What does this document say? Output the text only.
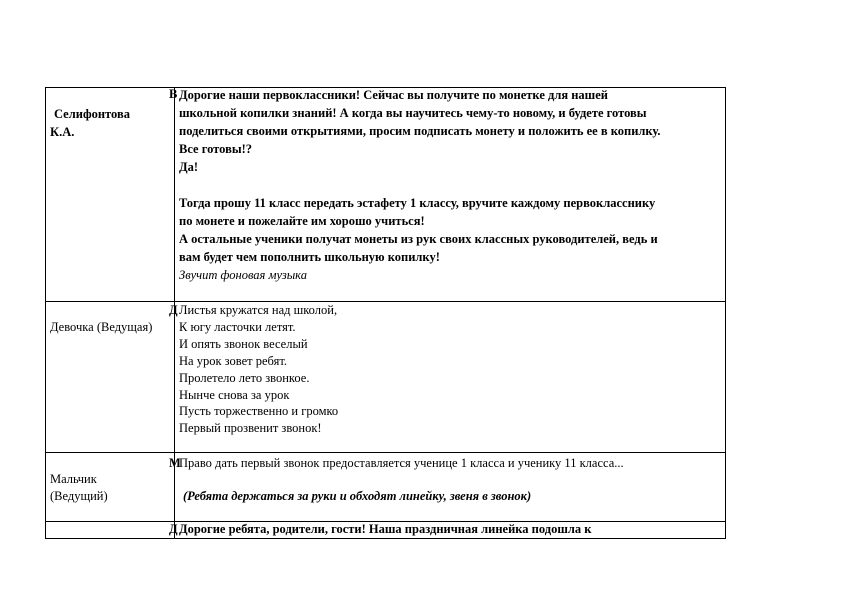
Селифонтова
К.А.
В Дорогие наши первоклассники! Сейчас вы получите по монетке для нашей
школьной копилки знаний! А когда вы научитесь чему-то новому, и будете готовы
поделиться своими открытиями, просим подписать монету и положить ее в копилку.
Все готовы!?
Да!
Тогда прошу 11 класс передать эстафету 1 классу, вручите каждому первокласснику
по монете и пожелайте им хорошо учиться!
А остальные ученики получат монеты из рук своих классных руководителей, ведь и
вам будет чем пополнить школьную копилку!
Звучит фоновая музыка
Девочка (Ведущая)
Д Листья кружатся над школой,
К югу ласточки летят.
И опять звонок веселый
На урок зовет ребят.
Пролетело лето звонкое.
Нынче снова за урок
Пусть торжественно и громко
Первый прозвенит звонок!
Мальчик
(Ведущий)
М
Право дать первый звонок предоставляется ученице 1 класса и ученику 11 класса...
(Ребята держаться за руки и обходят линейку, звеня в звонок)
Д Дорогие ребята, родители, гости! Наша праздничная линейка подошла к
